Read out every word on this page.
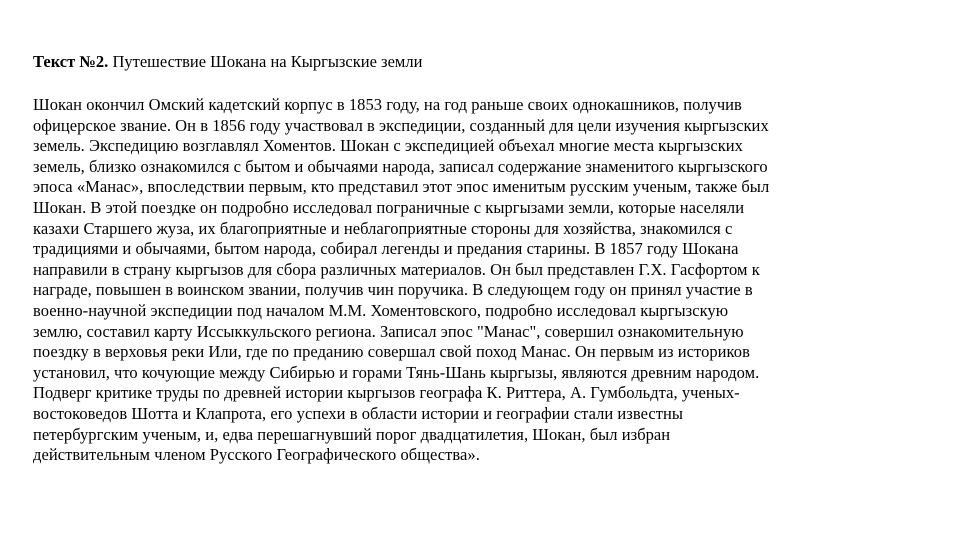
Текст №2. Путешествие Шокана на Кыргызские земли

Шокан окончил Омский кадетский корпус в 1853 году, на год раньше своих однокашников, получив
офицерское звание. Он в 1856 году участвовал в экспедиции, созданный для цели изучения кыргызских
земель. Экспедицию возглавлял Хоментов. Шокан с экспедицией объехал многие места кыргызских
земель, близко ознакомился с бытом и обычаями народа, записал содержание знаменитого кыргызского
эпоса «Манас», впоследствии первым, кто представил этот эпос именитым русским ученым, также был
Шокан. В этой поездке он подробно исследовал пограничные с кыргызами земли, которые населяли
казахи Старшего жуза, их благоприятные и неблагоприятные стороны для хозяйства, знакомился с
традициями и обычаями, бытом народа, собирал легенды и предания старины. В 1857 году Шокана
направили в страну кыргызов для сбора различных материалов. Он был представлен Г.Х. Гасфортом к
награде, повышен в воинском звании, получив чин поручика. В следующем году он принял участие в
военно-научной экспедиции под началом М.М. Хоментовского, подробно исследовал кыргызскую
землю, составил карту Иссыккульского региона. Записал эпос "Манас", совершил ознакомительную
поездку в верховья реки Или, где по преданию совершал свой поход Манас. Он первым из историков
установил, что кочующие между Сибирью и горами Тянь-Шань кыргызы, являются древним народом.
Подверг критике труды по древней истории кыргызов географа К. Риттера, А. Гумбольдта, ученых-
востоковедов Шотта и Клапрота, его успехи в области истории и географии стали известны
петербургским ученым, и, едва перешагнувший порог двадцатилетия, Шокан, был избран
действительным членом Русского Географического общества».
